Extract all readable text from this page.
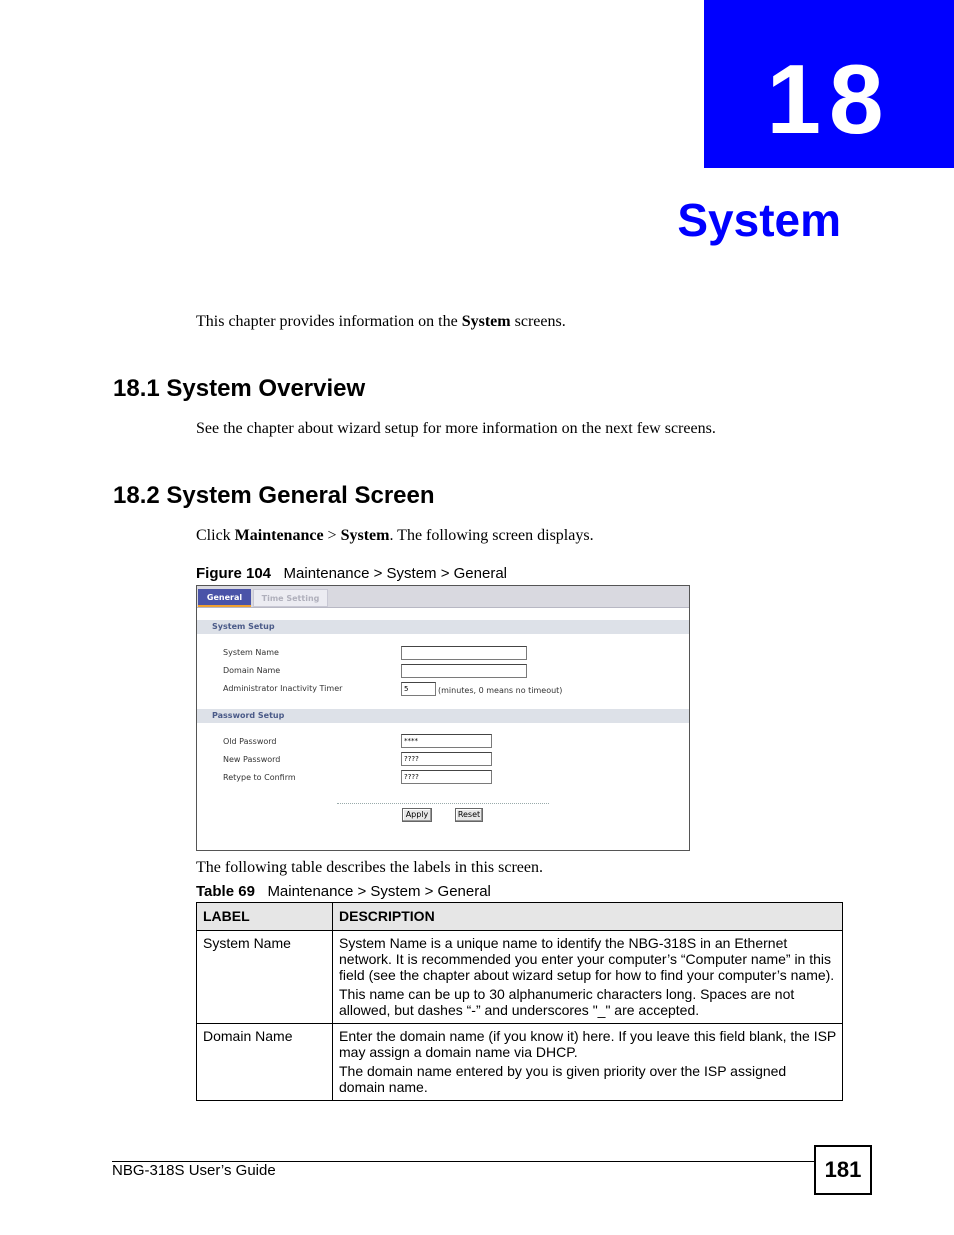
18
System
This chapter provides information on the System screens.
18.1 System Overview
See the chapter about wizard setup for more information on the next few screens.
18.2 System General Screen
Click Maintenance > System. The following screen displays.
Figure 104 Maintenance > System > General
General	Time Setting
System Setup
System Name
Domain Name
Administrator Inactivity Timer	5	(minutes, 0 means no timeout)
Password Setup
Old Password	****
New Password	????
Retype to Confirm	????
Apply	Reset
The following table describes the labels in this screen.
Table 69 Maintenance > System > General
LABEL	DESCRIPTION
System Name	System Name is a unique name to identify the NBG-318S in an Ethernet network. It is recommended you enter your computer’s “Computer name” in this field (see the chapter about wizard setup for how to find your computer’s name).

This name can be up to 30 alphanumeric characters long. Spaces are not allowed, but dashes “-” and underscores "_" are accepted.

Domain Name	Enter the domain name (if you know it) here. If you leave this field blank, the ISP may assign a domain name via DHCP.

The domain name entered by you is given priority over the ISP assigned domain name.

NBG-318S User’s Guide	181
